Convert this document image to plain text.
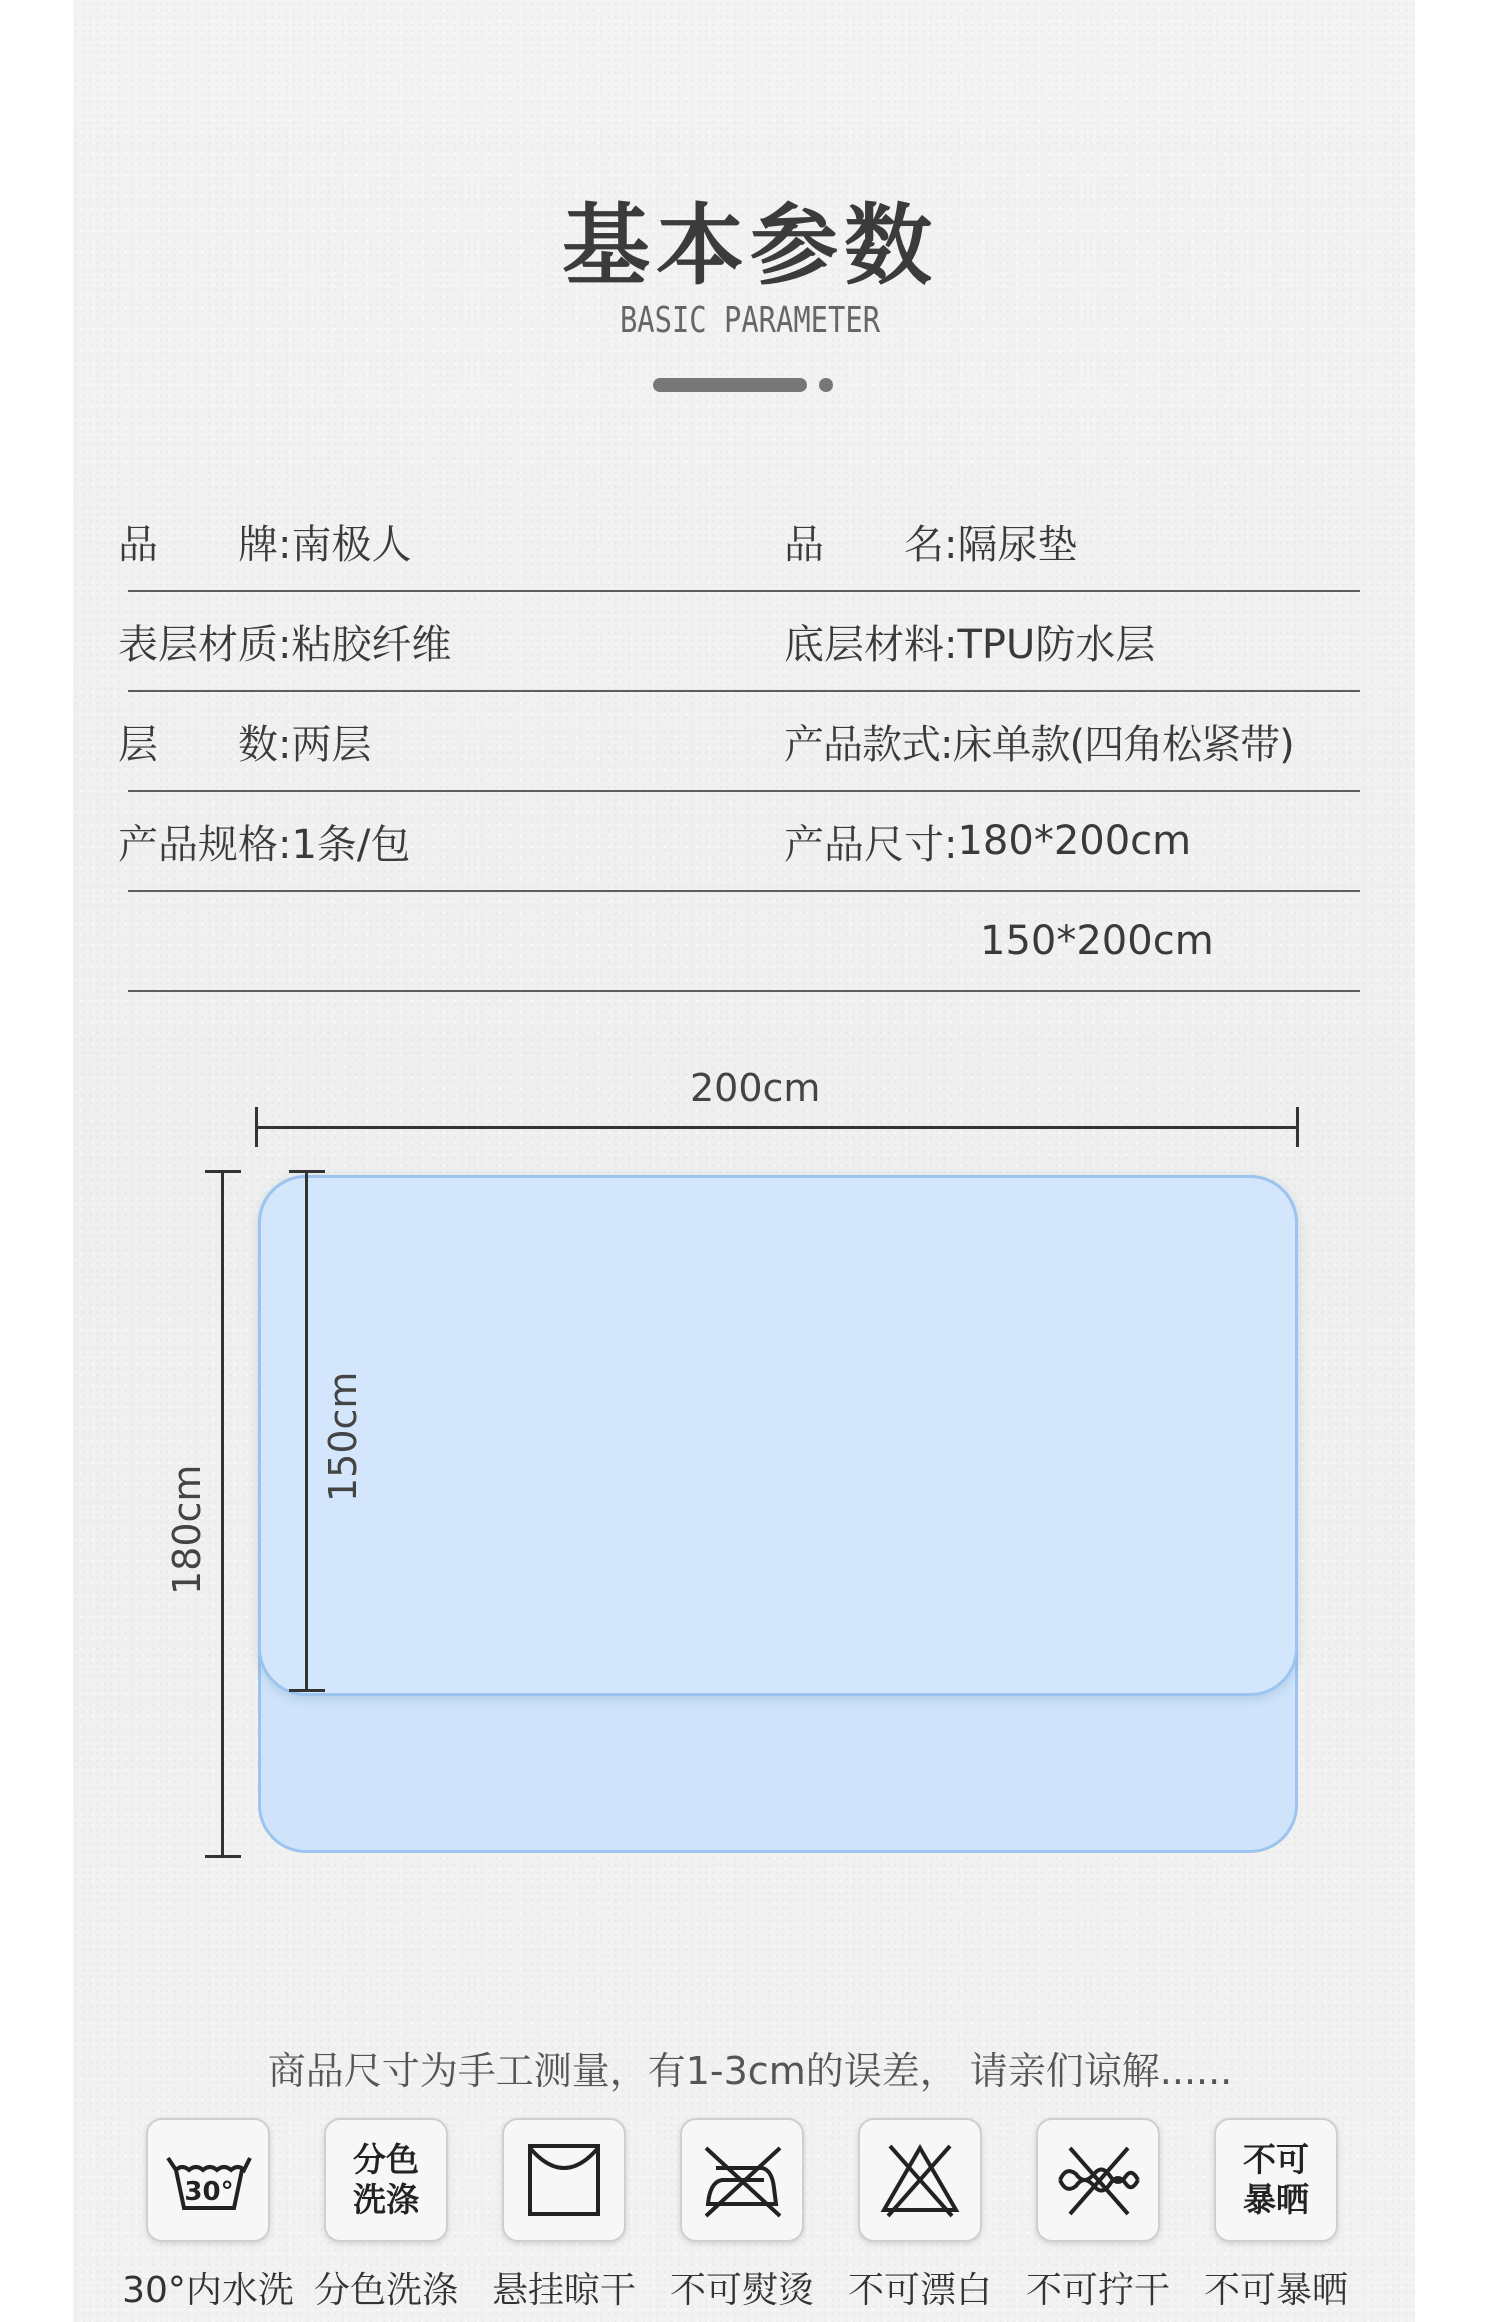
基本参数
BASIC PARAMETER
品　　牌: 南极人	品　　名: 隔尿垫
表层材质: 粘胶纤维	底层材料: TPU防水层
层　　数: 两层	产品款式: 床单款(四角松紧带)
产品规格: 1条/包	产品尺寸: 180*200cm
150*200cm
200cm
180cm
150cm
商品尺寸为手工测量，有1-3cm的误差， 请亲们谅解......
30°
分色
洗涤
不可
暴晒
30°内水洗 分色洗涤 悬挂晾干 不可熨烫 不可漂白 不可拧干 不可暴晒
